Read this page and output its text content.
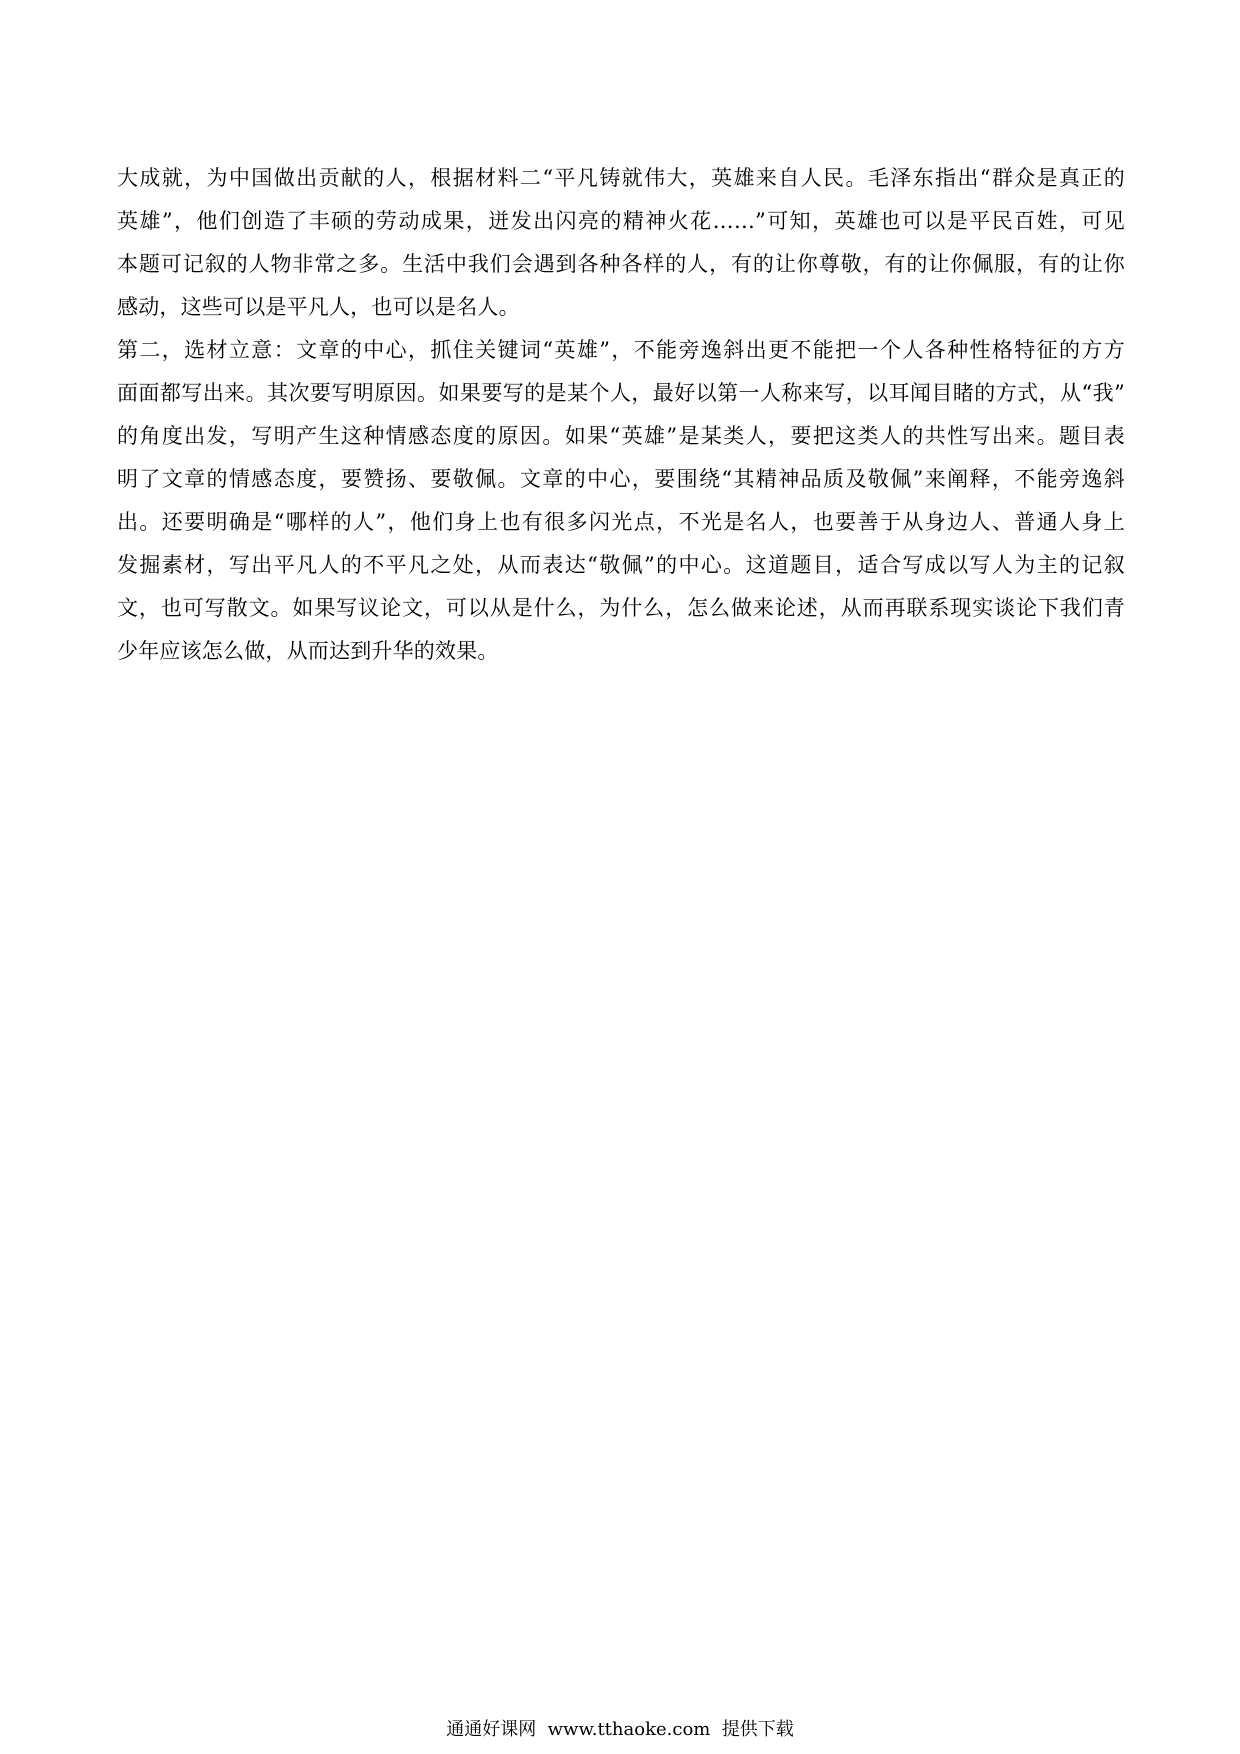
大成就，为中国做出贡献的人，根据材料二“平凡铸就伟大，英雄来自人民。毛泽东指出“群众是真正的
英雄”，他们创造了丰硕的劳动成果，迸发出闪亮的精神火花……”可知，英雄也可以是平民百姓，可见
本题可记叙的人物非常之多。生活中我们会遇到各种各样的人，有的让你尊敬，有的让你佩服，有的让你
感动，这些可以是平凡人，也可以是名人。
第二，选材立意：文章的中心，抓住关键词“英雄”，不能旁逸斜出更不能把一个人各种性格特征的方方
面面都写出来。其次要写明原因。如果要写的是某个人，最好以第一人称来写，以耳闻目睹的方式，从“我”
的角度出发，写明产生这种情感态度的原因。如果“英雄”是某类人，要把这类人的共性写出来。题目表
明了文章的情感态度，要赞扬、要敬佩。文章的中心，要围绕“其精神品质及敬佩”来阐释，不能旁逸斜
出。还要明确是“哪样的人”，他们身上也有很多闪光点，不光是名人，也要善于从身边人、普通人身上
发掘素材，写出平凡人的不平凡之处，从而表达“敬佩”的中心。这道题目，适合写成以写人为主的记叙
文，也可写散文。如果写议论文，可以从是什么，为什么，怎么做来论述，从而再联系现实谈论下我们青
少年应该怎么做，从而达到升华的效果。
通通好课网  www.tthaoke.com  提供下载
